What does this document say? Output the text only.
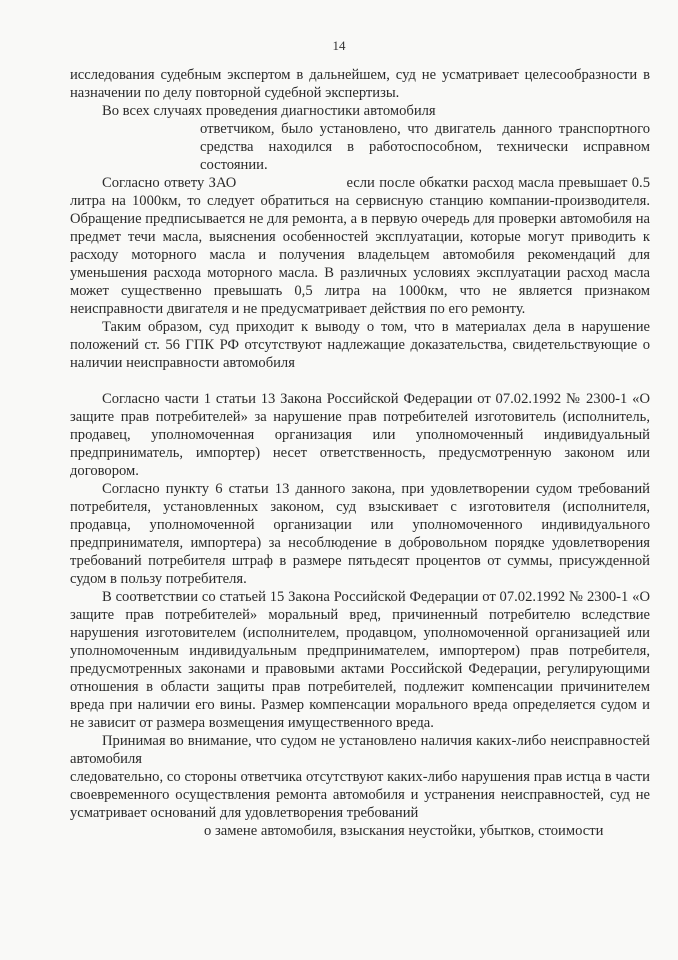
14

исследования судебным экспертом в дальнейшем, суд не усматривает целесообразности в назначении по делу повторной судебной экспертизы.

Во всех случаях проведения диагностики автомобиля

ответчиком, было установлено, что двигатель данного транспортного средства находился в работоспособном, технически исправном состоянии.

Согласно ответу ЗАО	если после обкатки расход масла превышает 0.5 литра на 1000км, то следует обратиться на сервисную станцию компании-производителя. Обращение предписывается не для ремонта, а в первую очередь для проверки автомобиля на предмет течи масла, выяснения особенностей эксплуатации, которые могут приводить к расходу моторного масла и получения владельцем автомобиля рекомендаций для уменьшения расхода моторного масла. В различных условиях эксплуатации расход масла может существенно превышать 0,5 литра на 1000км, что не является признаком неисправности двигателя и не предусматривает действия по его ремонту.

Таким образом, суд приходит к выводу о том, что в материалах дела в нарушение положений ст. 56 ГПК РФ отсутствуют надлежащие доказательства, свидетельствующие о наличии неисправности автомобиля

Согласно части 1 статьи 13 Закона Российской Федерации от 07.02.1992 № 2300-1 «О защите прав потребителей» за нарушение прав потребителей изготовитель (исполнитель, продавец, уполномоченная организация или уполномоченный индивидуальный предприниматель, импортер) несет ответственность, предусмотренную законом или договором.

Согласно пункту 6 статьи 13 данного закона, при удовлетворении судом требований потребителя, установленных законом, суд взыскивает с изготовителя (исполнителя, продавца, уполномоченной организации или уполномоченного индивидуального предпринимателя, импортера) за несоблюдение в добровольном порядке удовлетворения требований потребителя штраф в размере пятьдесят процентов от суммы, присужденной судом в пользу потребителя.

В соответствии со статьей 15 Закона Российской Федерации от 07.02.1992 № 2300-1 «О защите прав потребителей» моральный вред, причиненный потребителю вследствие нарушения изготовителем (исполнителем, продавцом, уполномоченной организацией или уполномоченным индивидуальным предпринимателем, импортером) прав потребителя, предусмотренных законами и правовыми актами Российской Федерации, регулирующими отношения в области защиты прав потребителей, подлежит компенсации причинителем вреда при наличии его вины. Размер компенсации морального вреда определяется судом и не зависит от размера возмещения имущественного вреда.

Принимая во внимание, что судом не установлено наличия каких-либо неисправностей автомобиля

следовательно, со стороны ответчика отсутствуют каких-либо нарушения прав истца в части своевременного осуществления ремонта автомобиля и устранения неисправностей, суд не усматривает оснований для удовлетворения требований

о замене автомобиля, взыскания неустойки, убытков, стоимости
